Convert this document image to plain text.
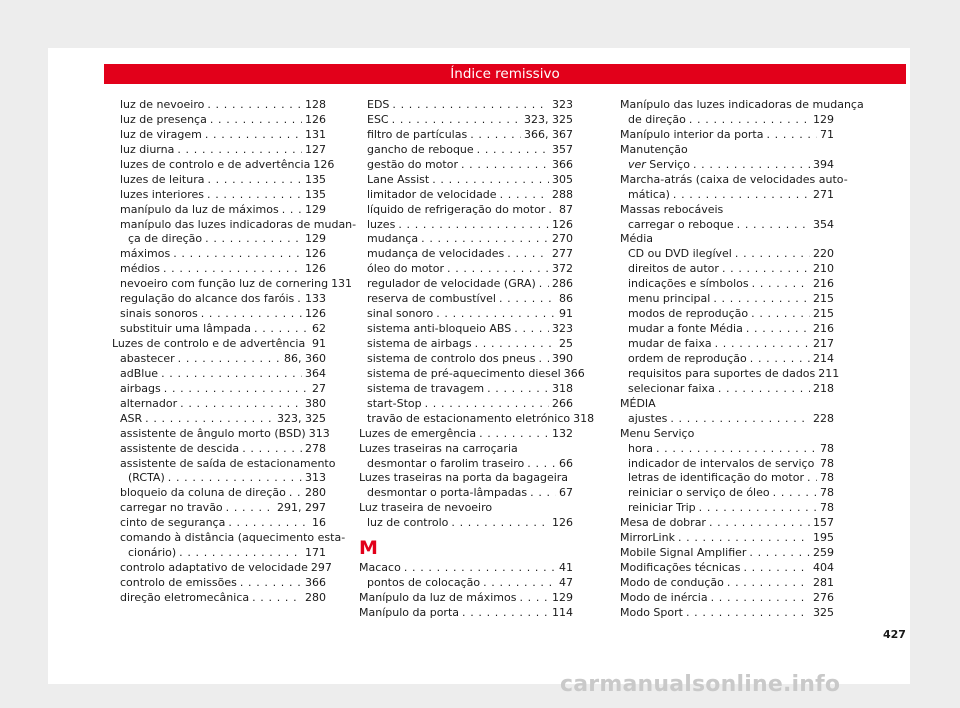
Índice remissivo
luz de nevoeiro . . .	128
luz de presença . . .	126
luz de viragem . . .	131
luz diurna . . .	127
luzes de controlo e de advertência 126
luzes de leitura . . .	135
luzes interiores . . .	135
manípulo da luz de máximos . . . 129
manípulo das luzes indicadoras de mudan-
ça de direção . . .	129
máximos . . .	126
médios . . .	126
nevoeiro com função luz de cornering 131
regulação do alcance dos faróis . . . 133
sinais sonoros . . .	126
substituir uma lâmpada . . .	62
Luzes de controlo e de advertência . . . 91
abastecer . . .	86, 360
adBlue . . .	364
airbags . . .	27
alternador . . .	380
ASR . . .	323, 325
assistente de ângulo morto (BSD) 313
assistente de descida . . .	278
assistente de saída de estacionamento
(RCTA) . . .	313
bloqueio da coluna de direção . . . 280
carregar no travão . . .	291, 297
cinto de segurança . . .	16
comando à distância (aquecimento esta-
cionário) . . .	171
controlo adaptativo de velocidade 297
controlo de emissões . . .	366
direção eletromecânica . . .	280
EDS . . .	323
ESC . . .	323, 325
filtro de partículas . . .	366, 367
gancho de reboque . . .	357
gestão do motor . . .	366
Lane Assist . . .	305
limitador de velocidade . . .	288
líquido de refrigeração do motor . . . 87
luzes . . .	126
mudança . . .	270
mudança de velocidades . . .	277
óleo do motor . . .	372
regulador de velocidade (GRA) . . . 286
reserva de combustível . . .	86
sinal sonoro . . .	91
sistema anti-bloqueio ABS . . .	323
sistema de airbags . . .	25
sistema de controlo dos pneus . . . 390
sistema de pré-aquecimento diesel 366
sistema de travagem . . .	318
start-Stop . . .	266
travão de estacionamento eletrónico 318
Luzes de emergência . . .	132
Luzes traseiras na carroçaria
desmontar o farolim traseiro . . .	66
Luzes traseiras na porta da bagageira
desmontar o porta-lâmpadas . . .	67
Luz traseira de nevoeiro
luz de controlo . . .	126
M
Macaco . . .	41
pontos de colocação . . .	47
Manípulo da luz de máximos . . .	129
Manípulo da porta . . .	114
Manípulo das luzes indicadoras de mudança
de direção . . .	129
Manípulo interior da porta . . .	71
Manutenção
ver Serviço . . .	394
Marcha-atrás (caixa de velocidades auto-
mática) . . .	271
Massas rebocáveis
carregar o reboque . . .	354
Média
CD ou DVD ilegível . . .	220
direitos de autor . . .	210
indicações e símbolos . . .	216
menu principal . . .	215
modos de reprodução . . .	215
mudar a fonte Média . . .	216
mudar de faixa . . .	217
ordem de reprodução . . .	214
requisitos para suportes de dados 211
selecionar faixa . . .	218
MÉDIA
ajustes . . .	228
Menu Serviço
hora . . .	78
indicador de intervalos de serviço . . . 78
letras de identificação do motor . . . 78
reiniciar o serviço de óleo . . .	78
reiniciar Trip . . .	78
Mesa de dobrar . . .	157
MirrorLink . . .	195
Mobile Signal Amplifier . . .	259
Modificações técnicas . . .	404
Modo de condução . . .	281
Modo de inércia . . .	276
Modo Sport . . .	325
427
carmanualsonline.info
